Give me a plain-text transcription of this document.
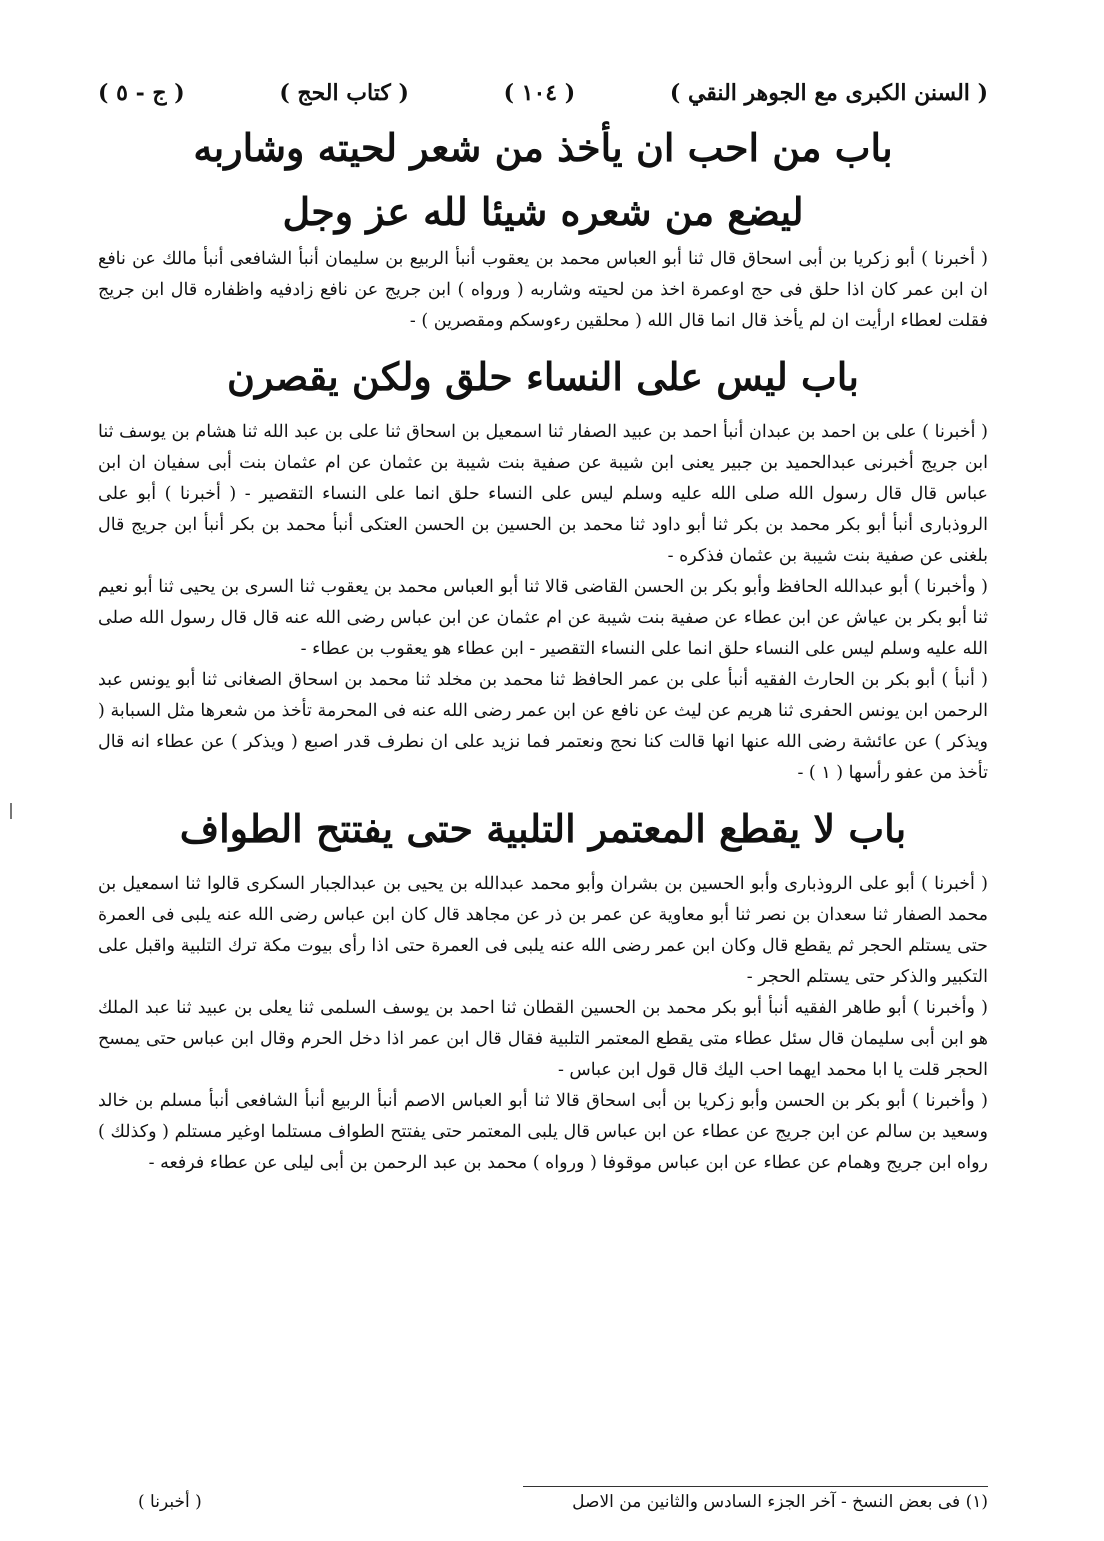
( السنن الكبرى مع الجوهر النقي )
( ١٠٤ )
( كتاب الحج )
( ج - ٥ )
باب من احب ان يأخذ من شعر لحيته وشاربه
ليضع من شعره شيئا لله عز وجل

( أخبرنا ) أبو زكريا بن أبى اسحاق قال ثنا أبو العباس محمد بن يعقوب أنبأ الربيع بن سليمان أنبأ الشافعى أنبأ مالك عن نافع ان ابن عمر كان اذا حلق فى حج اوعمرة اخذ من لحيته وشاربه ( ورواه ) ابن جريج عن نافع زادفيه واظفاره قال ابن جريج فقلت لعطاء ارأيت ان لم يأخذ قال انما قال الله ( محلقين رءوسكم ومقصرين ) -

باب ليس على النساء حلق ولكن يقصرن

( أخبرنا ) على بن احمد بن عبدان أنبأ احمد بن عبيد الصفار ثنا اسمعيل بن اسحاق ثنا على بن عبد الله ثنا هشام بن يوسف ثنا ابن جريج أخبرنى عبدالحميد بن جبير يعنى ابن شيبة عن صفية بنت شيبة بن عثمان عن ام عثمان بنت أبى سفيان ان ابن عباس قال قال رسول الله صلى الله عليه وسلم ليس على النساء حلق انما على النساء التقصير - ( أخبرنا ) أبو على الروذبارى أنبأ أبو بكر محمد بن بكر ثنا أبو داود ثنا محمد بن الحسين بن الحسن العتكى أنبأ محمد بن بكر أنبأ ابن جريج قال بلغنى عن صفية بنت شيبة بن عثمان فذكره -

( وأخبرنا ) أبو عبدالله الحافظ وأبو بكر بن الحسن القاضى قالا ثنا أبو العباس محمد بن يعقوب ثنا السرى بن يحيى ثنا أبو نعيم ثنا أبو بكر بن عياش عن ابن عطاء عن صفية بنت شيبة عن ام عثمان عن ابن عباس رضى الله عنه قال قال رسول الله صلى الله عليه وسلم ليس على النساء حلق انما على النساء التقصير - ابن عطاء هو يعقوب بن عطاء -

( أنبأ ) أبو بكر بن الحارث الفقيه أنبأ على بن عمر الحافظ ثنا محمد بن مخلد ثنا محمد بن اسحاق الصغانى ثنا أبو يونس عبد الرحمن ابن يونس الحفرى ثنا هريم عن ليث عن نافع عن ابن عمر رضى الله عنه فى المحرمة تأخذ من شعرها مثل السبابة ( ويذكر ) عن عائشة رضى الله عنها انها قالت كنا نحج ونعتمر فما نزيد على ان نطرف قدر اصبع ( ويذكر ) عن عطاء انه قال تأخذ من عفو رأسها ( ١ ) -

باب لا يقطع المعتمر التلبية حتى يفتتح الطواف

( أخبرنا ) أبو على الروذبارى وأبو الحسين بن بشران وأبو محمد عبدالله بن يحيى بن عبدالجبار السكرى قالوا ثنا اسمعيل بن محمد الصفار ثنا سعدان بن نصر ثنا أبو معاوية عن عمر بن ذر عن مجاهد قال كان ابن عباس رضى الله عنه يلبى فى العمرة حتى يستلم الحجر ثم يقطع قال وكان ابن عمر رضى الله عنه يلبى فى العمرة حتى اذا رأى بيوت مكة ترك التلبية واقبل على التكبير والذكر حتى يستلم الحجر -

( وأخبرنا ) أبو طاهر الفقيه أنبأ أبو بكر محمد بن الحسين القطان ثنا احمد بن يوسف السلمى ثنا يعلى بن عبيد ثنا عبد الملك هو ابن أبى سليمان قال سئل عطاء متى يقطع المعتمر التلبية فقال قال ابن عمر اذا دخل الحرم وقال ابن عباس حتى يمسح الحجر قلت يا ابا محمد ايهما احب اليك قال قول ابن عباس -

( وأخبرنا ) أبو بكر بن الحسن وأبو زكريا بن أبى اسحاق قالا ثنا أبو العباس الاصم أنبأ الربيع أنبأ الشافعى أنبأ مسلم بن خالد وسعيد بن سالم عن ابن جريج عن عطاء عن ابن عباس قال يلبى المعتمر حتى يفتتح الطواف مستلما اوغير مستلم ( وكذلك ) رواه ابن جريج وهمام عن عطاء عن ابن عباس موقوفا ( ورواه ) محمد بن عبد الرحمن بن أبى ليلى عن عطاء فرفعه -

(١) فى بعض النسخ - آخر الجزء السادس والثانين من الاصل
( أخبرنا )
